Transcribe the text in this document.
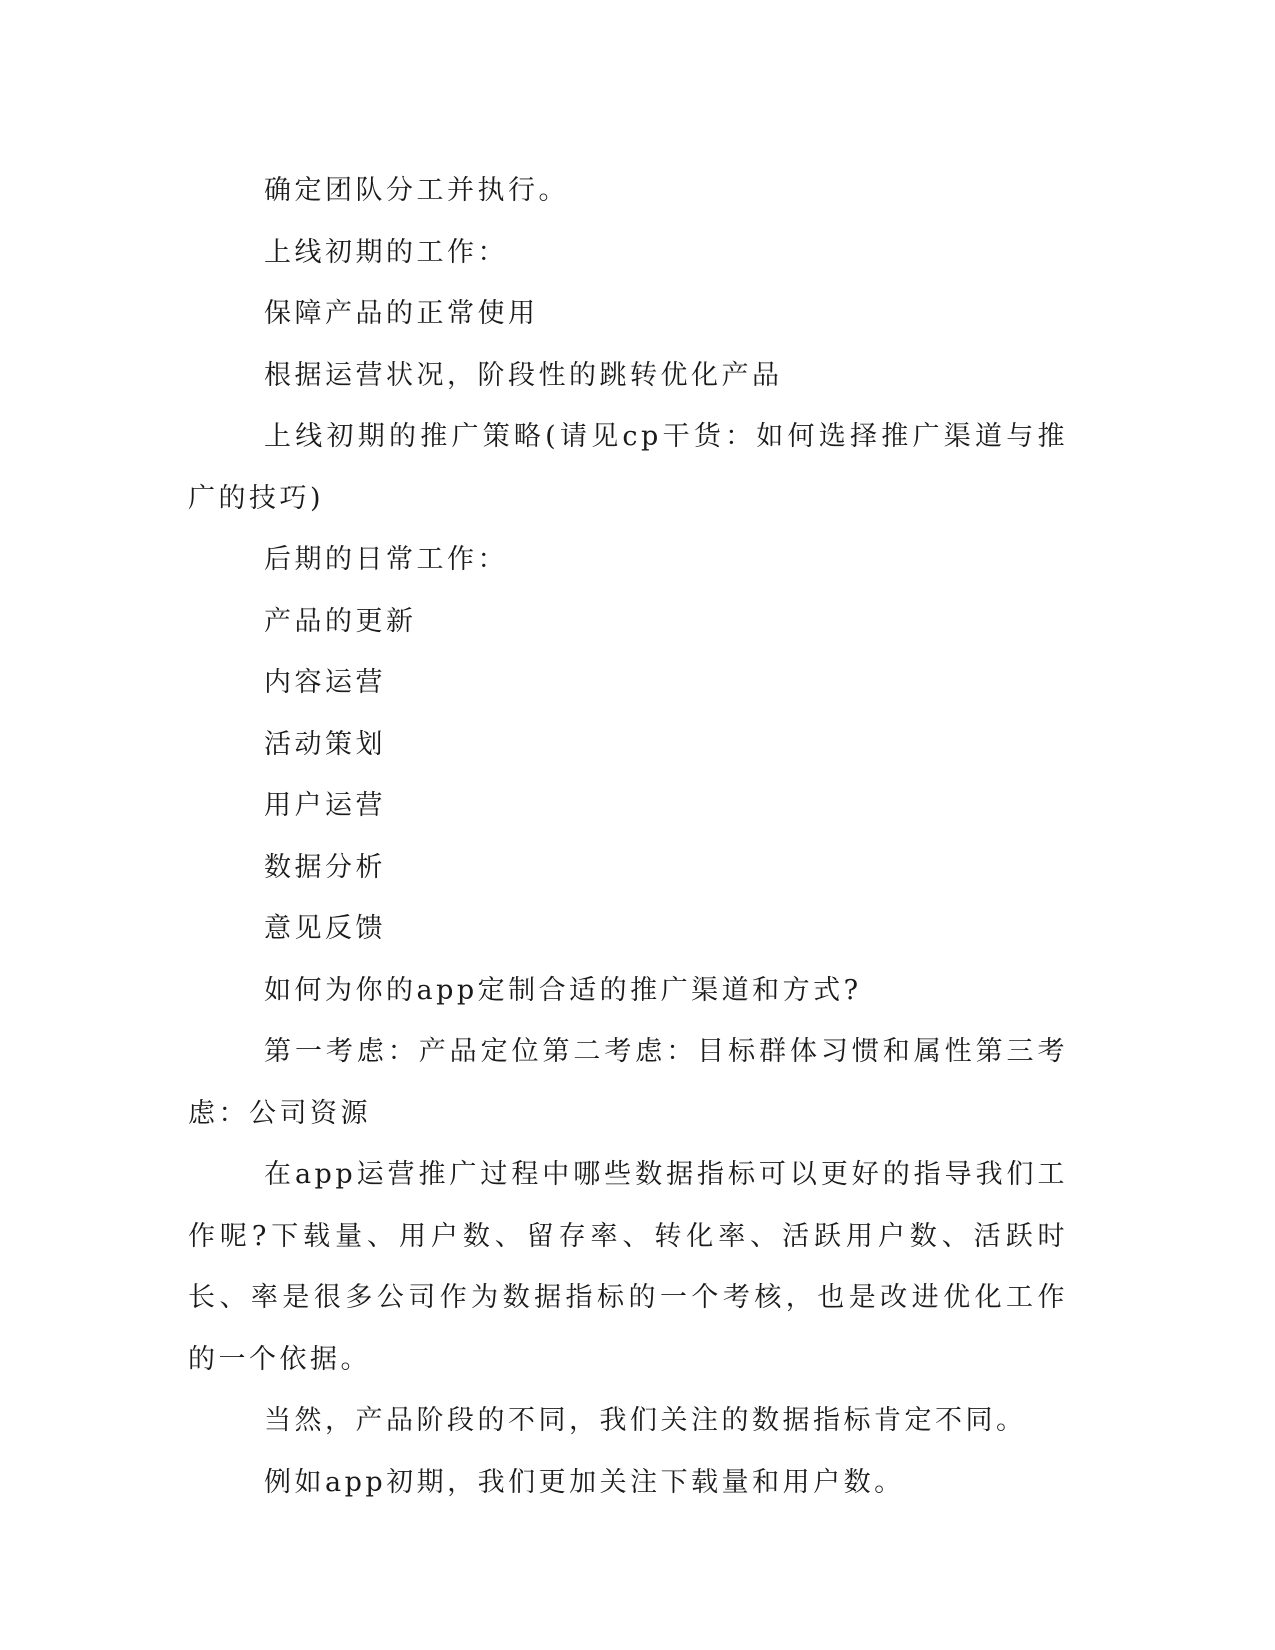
确定团队分工并执行。

上线初期的工作：

保障产品的正常使用

根据运营状况，阶段性的跳转优化产品

上线初期的推广策略(请见cp干货：如何选择推广渠道与推广的技巧)

后期的日常工作：

产品的更新

内容运营

活动策划

用户运营

数据分析

意见反馈

如何为你的app定制合适的推广渠道和方式?

第一考虑：产品定位第二考虑：目标群体习惯和属性第三考虑：公司资源

在app运营推广过程中哪些数据指标可以更好的指导我们工作呢?下载量、用户数、留存率、转化率、活跃用户数、活跃时长、率是很多公司作为数据指标的一个考核，也是改进优化工作的一个依据。

当然，产品阶段的不同，我们关注的数据指标肯定不同。

例如app初期，我们更加关注下载量和用户数。
